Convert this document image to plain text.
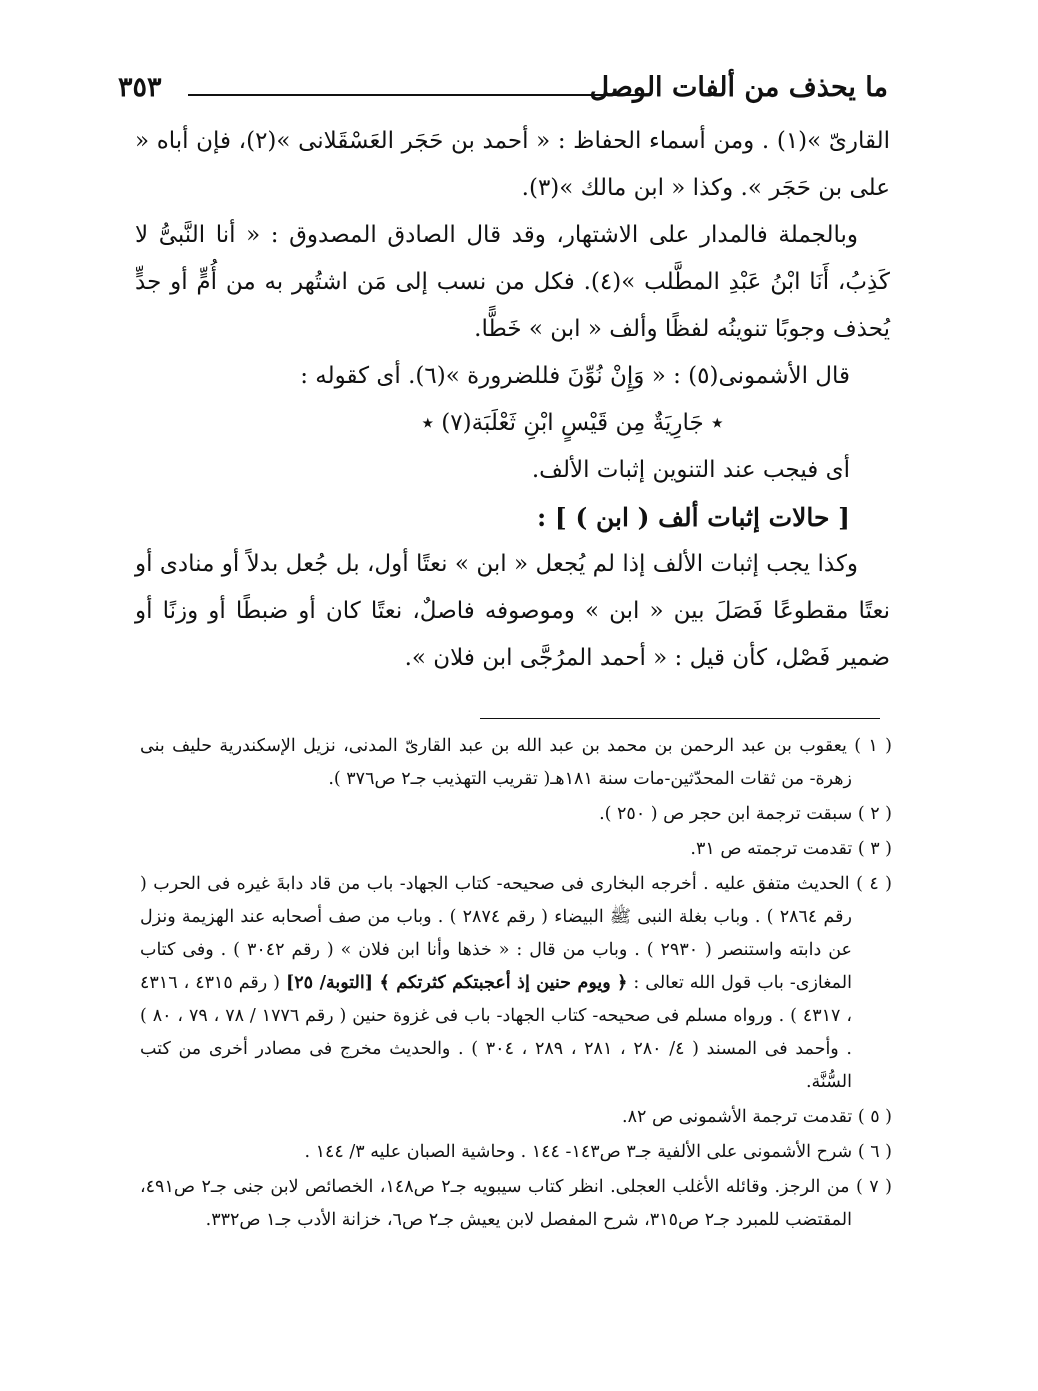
ما يحذف من ألفات الوصل
٣٥٣

القارىّ »(١) . ومن أسماء الحفاظ : « أحمد بن حَجَر العَسْقَلانى »(٢)، فإن أباه « على بن حَجَر ». وكذا « ابن مالك »(٣).

وبالجملة فالمدار على الاشتهار، وقد قال الصادق المصدوق : « أنا النَّبىُّ لا كَذِبُ، أَنَا ابْنُ عَبْدِ المطَّلب »(٤). فكل من نسب إلى مَن اشتُهر به من أُمٍّ أو جدٍّ يُحذف وجوبًا تنوينُه لفظًا وألف « ابن » خَطًّا.

قال الأشمونى(٥) : « وَإِنْ نُوِّنَ فللضرورة »(٦). أى كقوله :

٭ جَارِيَةٌ مِن قَيْسٍ ابْنِ ثَعْلَبَة(٧) ٭

أى فيجب عند التنوين إثبات الألف.

[ حالات إثبات ألف ( ابن ) ] :

وكذا يجب إثبات الألف إذا لم يُجعل « ابن » نعتًا أول، بل جُعل بدلاً أو منادى أو نعتًا مقطوعًا فَصَلَ بين « ابن » وموصوفه فاصلٌ، نعتًا كان أو ضبطًا أو وزنًا أو ضمير فَصْل، كأن قيل : « أحمد المرُجَّى ابن فلان ».

( ١ ) يعقوب بن عبد الرحمن بن محمد بن عبد الله بن عبد القارىّ المدنى، نزيل الإسكندرية حليف بنى زهرة- من ثقات المحدّثين-مات سنة ١٨١هـ( تقريب التهذيب جـ٢ ص٣٧٦ ).

( ٢ ) سبقت ترجمة ابن حجر ص ( ٢٥٠ ).

( ٣ ) تقدمت ترجمته ص ٣١.

( ٤ ) الحديث متفق عليه . أخرجه البخارى فى صحيحه- كتاب الجهاد- باب من قاد دابةَ غيره فى الحرب ( رقم ٢٨٦٤ ) . وباب بغلة النبى ﷺ البيضاء ( رقم ٢٨٧٤ ) . وباب من صف أصحابه عند الهزيمة ونزل عن دابته واستنصر ( ٢٩٣٠ ) . وباب من قال : « خذها وأنا ابن فلان » ( رقم ٣٠٤٢ ) . وفى كتاب المغازى- باب قول الله تعالى : ﴿ ويوم حنين إذ أعجبتكم كثرتكم ﴾ [التوبة/ ٢٥] ( رقم ٤٣١٥ ، ٤٣١٦ ، ٤٣١٧ ) . ورواه مسلم فى صحيحه- كتاب الجهاد- باب فى غزوة حنين ( رقم ١٧٧٦ / ٧٨ ، ٧٩ ، ٨٠ ) . وأحمد فى المسند ( ٤/ ٢٨٠ ، ٢٨١ ، ٢٨٩ ، ٣٠٤ ) . والحديث مخرج فى مصادر أخرى من كتب السُّنَّة.

( ٥ ) تقدمت ترجمة الأشمونى ص ٨٢.

( ٦ ) شرح الأشمونى على الألفية جـ٣ ص١٤٣- ١٤٤ . وحاشية الصبان عليه ٣/ ١٤٤ .

( ٧ ) من الرجز. وقائله الأغلب العجلى. انظر كتاب سيبويه جـ٢ ص١٤٨، الخصائص لابن جنى جـ٢ ص٤٩١، المقتضب للمبرد جـ٢ ص٣١٥، شرح المفصل لابن يعيش جـ٢ ص٦، خزانة الأدب جـ١ ص٣٣٢.
